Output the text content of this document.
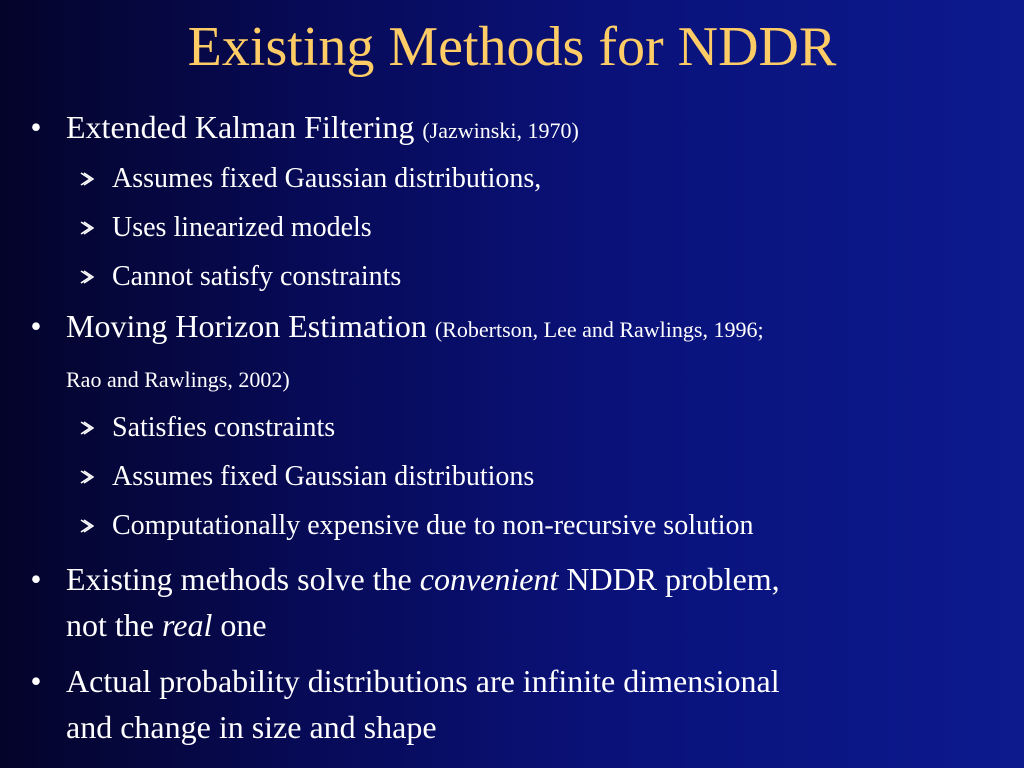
Existing Methods for NDDR
• Extended Kalman Filtering (Jazwinski, 1970)
Assumes fixed Gaussian distributions,
Uses linearized models
Cannot satisfy constraints
• Moving Horizon Estimation (Robertson, Lee and Rawlings, 1996;
Rao and Rawlings, 2002)
Satisfies constraints
Assumes fixed Gaussian distributions
Computationally expensive due to non-recursive solution
• Existing methods solve the convenient NDDR problem,
not the real one
• Actual probability distributions are infinite dimensional
and change in size and shape
